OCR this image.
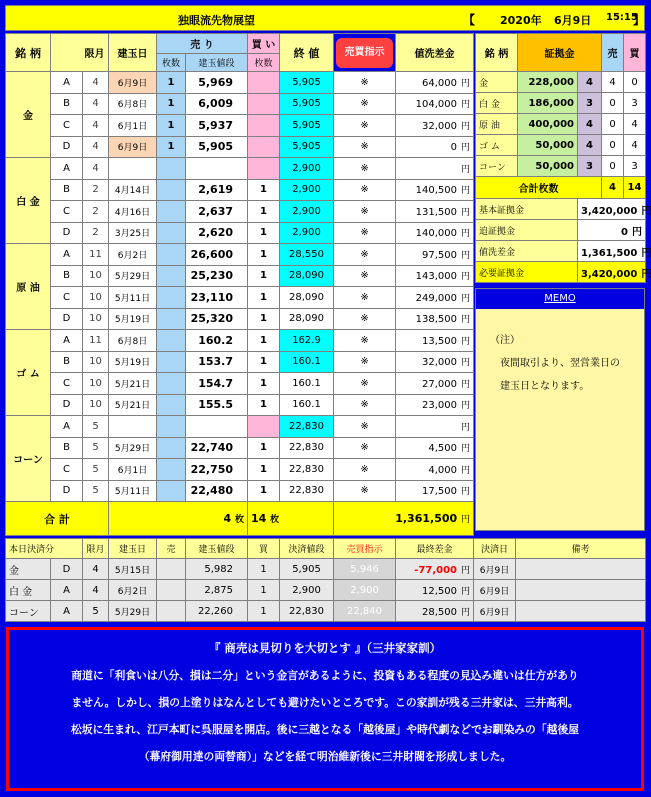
独眼流先物展望	【 2020年 6月9日 15:15
】
銘 柄	限月		建玉日	売 り		買 い	終 値	売買指示	値洗差金
				枚数	建玉値段	枚数			
金	A	4	6月9日	1	5,969		5,905	※	64,000 円
	B	4	6月8日	1	6,009		5,905	※	104,000 円
	C	4	6月1日	1	5,937		5,905	※	32,000 円
	D	4	6月9日	1	5,905		5,905	※	0 円
白 金	A	4					2,900	※	円
	B	2	4月14日		2,619	1	2,900	※	140,500 円
	C	2	4月16日		2,637	1	2,900	※	131,500 円
	D	2	3月25日		2,620	1	2,900	※	140,000 円
原 油	A	11	6月2日		26,600	1	28,550	※	97,500 円
	B	10	5月29日		25,230	1	28,090	※	143,000 円
	C	10	5月11日		23,110	1	28,090	※	249,000 円
	D	10	5月19日		25,320	1	28,090	※	138,500 円
ゴ ム	A	11	6月8日		160.2	1	162.9	※	13,500 円
	B	10	5月19日		153.7	1	160.1	※	32,000 円
	C	10	5月21日		154.7	1	160.1	※	27,000 円
	D	10	5月21日		155.5	1	160.1	※	23,000 円
コーン	A	5					22,830	※	円
	B	5	5月29日		22,740	1	22,830	※	4,500 円
	C	5	6月1日		22,750	1	22,830	※	4,000 円
	D	5	5月11日		22,480	1	22,830	※	17,500 円
合 計			4 枚			14 枚		1,361,500 円	
銘 柄	証拠金		売	買
金	228,000	4	4	0
白 金	186,000	3	0	3
原 油	400,000	4	0	4
ゴ ム	50,000	4	0	4
コーン	50,000	3	0	3
合計枚数			4	14
基本証拠金		3,420,000 円		
追証拠金		0 円		
値洗差金		1,361,500 円		
必要証拠金		3,420,000 円		
MEMO
（注）
夜間取引より、翌営業日の
建玉日となります。
本日決済分		限月	建玉日	売	建玉値段	買	決済値段	売買指示	最終差金	決済日	備考
金	D	4	5月15日		5,982	1	5,905	5,946	-77,000 円	6月9日	
白 金	A	4	6月2日		2,875	1	2,900	2,900	12,500 円	6月9日	
コーン	A	5	5月29日		22,260	1	22,830	22,840	28,500 円	6月9日	
『 商売は見切りを大切とす 』（三井家家訓）
商道に「利食いは八分、損は二分」という金言があるように、投資もある程度の見込み違いは仕方があり
ません。しかし、損の上塗りはなんとしても避けたいところです。この家訓が残る三井家は、三井高利。
松坂に生まれ、江戸本町に呉服屋を開店。後に三越となる「越後屋」や時代劇などでお馴染みの「越後屋
（幕府御用達の両替商）」などを経て明治維新後に三井財閥を形成しました。
